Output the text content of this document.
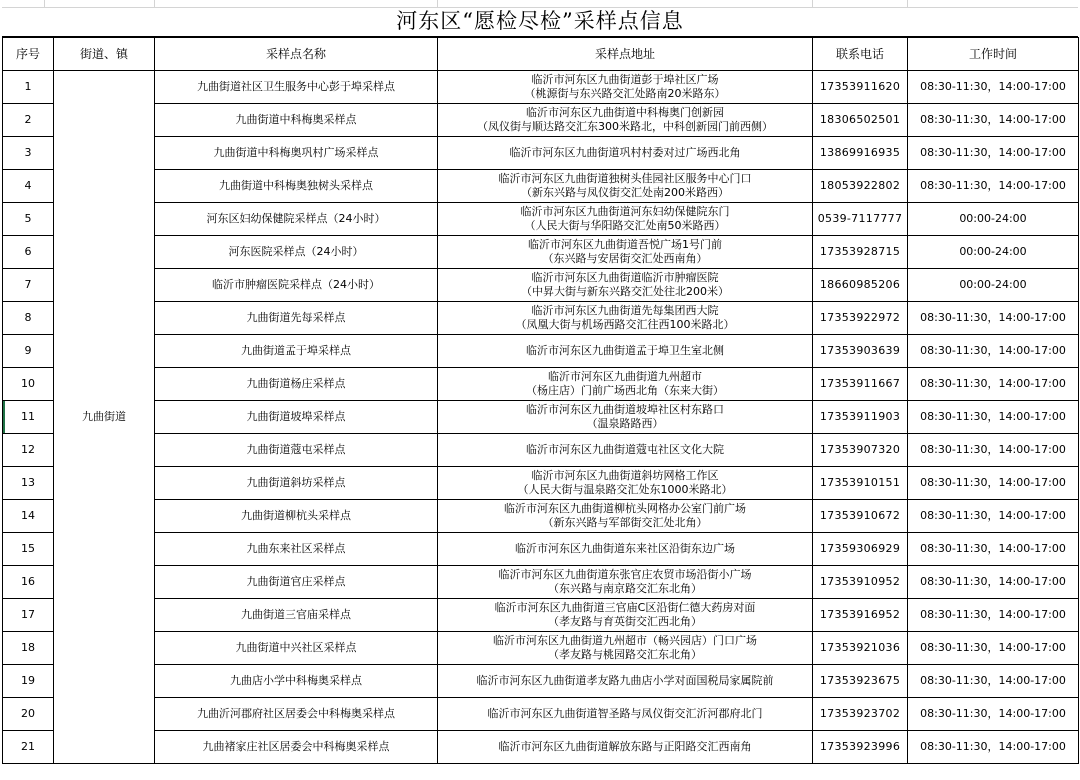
河东区“愿检尽检”采样点信息
序号	街道、镇	采样点名称	采样点地址	联系电话	工作时间
1	九曲街道	九曲街道社区卫生服务中心彭于埠采样点	临沂市河东区九曲街道彭于埠社区广场
（桃源街与东兴路交汇处路南20米路东）	17353911620	08:30-11:30，14:00-17:00
2		九曲街道中科梅奥采样点	临沂市河东区九曲街道中科梅奥门创新园
（凤仪街与顺达路交汇东300米路北，中科创新园门前西侧）	18306502501	08:30-11:30，14:00-17:00
3		九曲街道中科梅奥巩村广场采样点	临沂市河东区九曲街道巩村村委对过广场西北角	13869916935	08:30-11:30，14:00-17:00
4		九曲街道中科梅奥独树头采样点	临沂市河东区九曲街道独树头佳园社区服务中心门口
（新东兴路与凤仪街交汇处南200米路西）	18053922802	08:30-11:30，14:00-17:00
5		河东区妇幼保健院采样点（24小时）	临沂市河东区九曲街道河东妇幼保健院东门
（人民大街与华阳路交汇处南50米路西）	0539-7117777	00:00-24:00
6		河东医院采样点（24小时）	临沂市河东区九曲街道吾悦广场1号门前
（东兴路与安居街交汇处西南角）	17353928715	00:00-24:00
7		临沂市肿瘤医院采样点（24小时）	临沂市河东区九曲街道临沂市肿瘤医院
（中昇大街与新东兴路交汇处往北200米）	18660985206	00:00-24:00
8		九曲街道先每采样点	临沂市河东区九曲街道先每集团西大院
（凤凰大街与机场西路交汇往西100米路北）	17353922972	08:30-11:30，14:00-17:00
9		九曲街道孟于埠采样点	临沂市河东区九曲街道孟于埠卫生室北侧	17353903639	08:30-11:30，14:00-17:00
10		九曲街道杨庄采样点	临沂市河东区九曲街道九州超市
（杨庄店）门前广场西北角（东来大街）	17353911667	08:30-11:30，14:00-17:00
11		九曲街道坡埠采样点	临沂市河东区九曲街道坡埠社区村东路口
（温泉路路西）	17353911903	08:30-11:30，14:00-17:00
12		九曲街道蔻屯采样点	临沂市河东区九曲街道蔻屯社区文化大院	17353907320	08:30-11:30，14:00-17:00
13		九曲街道斜坊采样点	临沂市河东区九曲街道斜坊网格工作区
（人民大街与温泉路交汇处东1000米路北）	17353910151	08:30-11:30，14:00-17:00
14		九曲街道柳杭头采样点	临沂市河东区九曲街道柳杭头网格办公室门前广场
（新东兴路与军部街交汇处北角）	17353910672	08:30-11:30，14:00-17:00
15		九曲东来社区采样点	临沂市河东区九曲街道东来社区沿街东边广场	17359306929	08:30-11:30，14:00-17:00
16		九曲街道官庄采样点	临沂市河东区九曲街道东张官庄农贸市场沿街小广场
（东兴路与南京路交汇东北角）	17353910952	08:30-11:30，14:00-17:00
17		九曲街道三官庙采样点	临沂市河东区九曲街道三官庙C区沿街仁德大药房对面
（孝友路与育英街交汇西北角）	17353916952	08:30-11:30，14:00-17:00
18		九曲街道中兴社区采样点	临沂市河东区九曲街道九州超市（畅兴园店）门口广场
（孝友路与桃园路交汇东北角）	17353921036	08:30-11:30，14:00-17:00
19		九曲店小学中科梅奥采样点	临沂市河东区九曲街道孝友路九曲店小学对面国税局家属院前	17353923675	08:30-11:30，14:00-17:00
20		九曲沂河郡府社区居委会中科梅奥采样点	临沂市河东区九曲街道智圣路与凤仪街交汇沂河郡府北门	17353923702	08:30-11:30，14:00-17:00
21		九曲褚家庄社区居委会中科梅奥采样点	临沂市河东区九曲街道解放东路与正阳路交汇西南角	17353923996	08:30-11:30，14:00-17:00
